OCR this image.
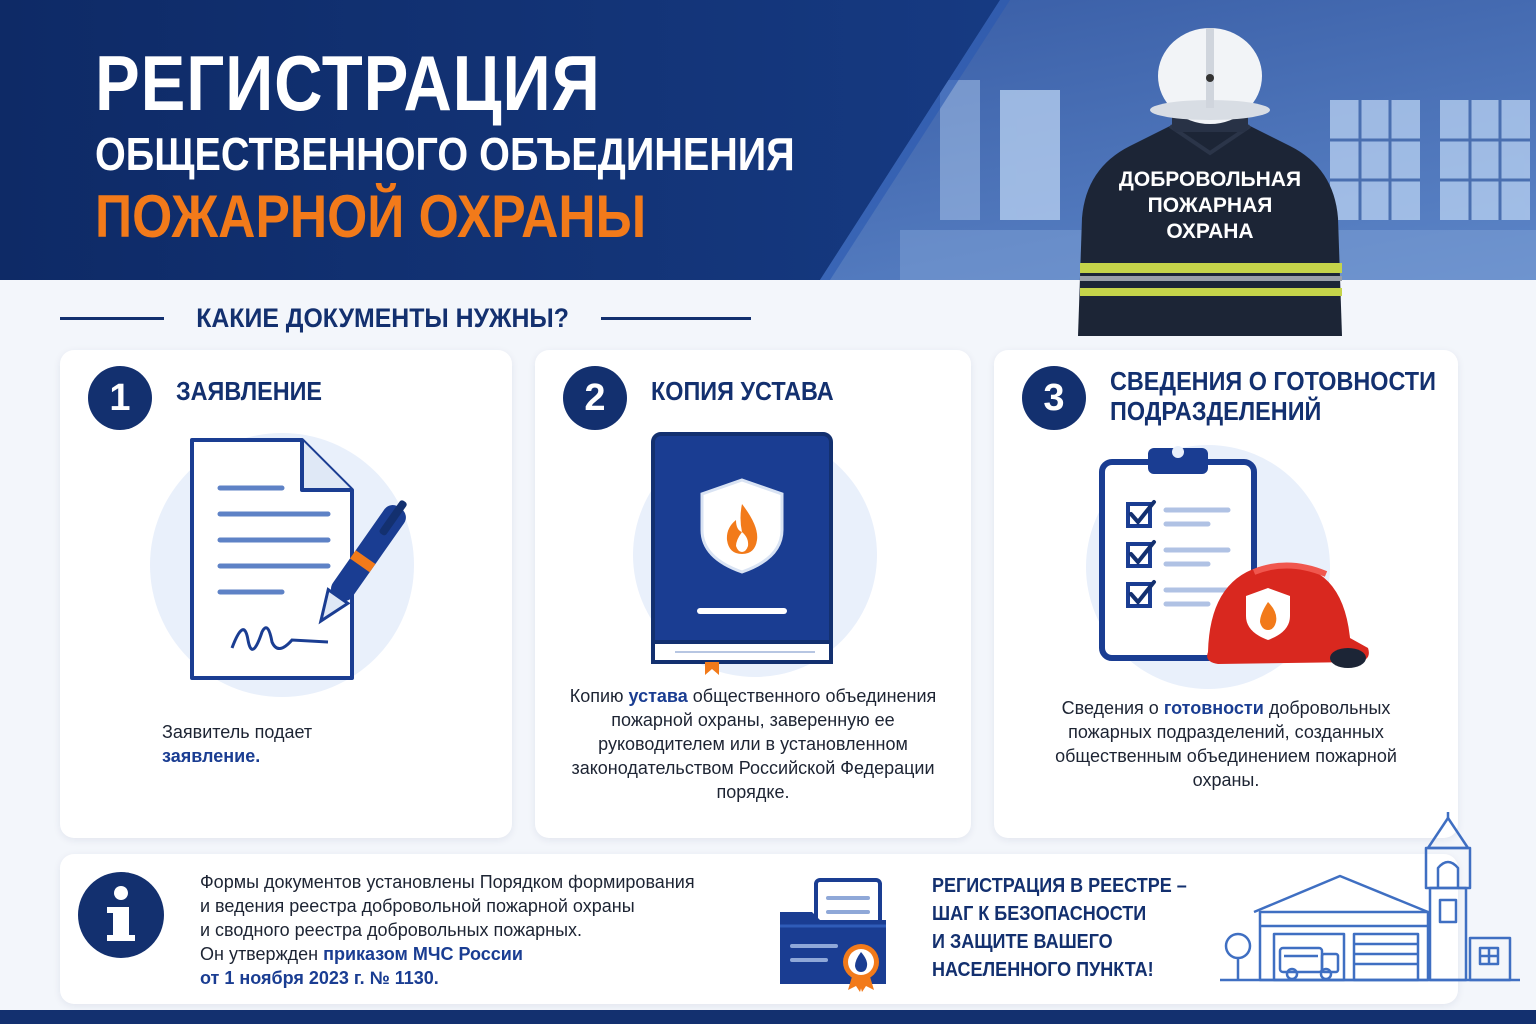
РЕГИСТРАЦИЯ
ОБЩЕСТВЕННОГО ОБЪЕДИНЕНИЯ
ПОЖАРНОЙ ОХРАНЫ
ДОБРОВОЛЬНАЯ
ПОЖАРНАЯ
ОХРАНА
КАКИЕ ДОКУМЕНТЫ НУЖНЫ?
1	ЗАЯВЛЕНИЕ
Заявитель подает
заявление.
2	КОПИЯ УСТАВА
Копию устава общественного объединения пожарной охраны, заверенную ее руководителем или в установленном законодательством Российской Федерации порядке.
3	СВЕДЕНИЯ О ГОТОВНОСТИ
ПОДРАЗДЕЛЕНИЙ
Сведения о готовности добровольных пожарных подразделений, созданных общественным объединением пожарной охраны.
Формы документов установлены Порядком формирования
и ведения реестра добровольной пожарной охраны
и сводного реестра добровольных пожарных.
Он утвержден приказом МЧС России
от 1 ноября 2023 г. № 1130.
РЕГИСТРАЦИЯ В РЕЕСТРЕ –
ШАГ К БЕЗОПАСНОСТИ
И ЗАЩИТЕ ВАШЕГО
НАСЕЛЕННОГО ПУНКТА!
